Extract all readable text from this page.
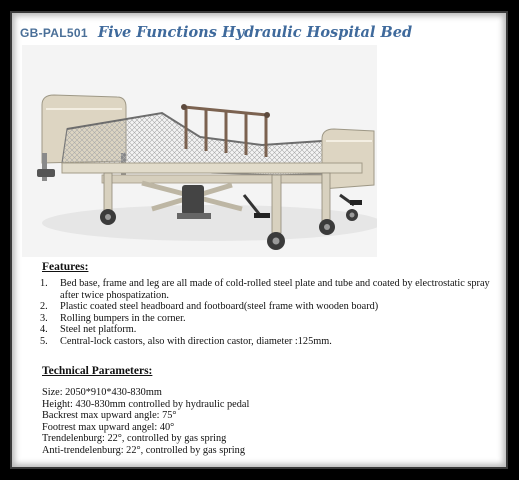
GB-PAL501 Five Functions Hydraulic Hospital Bed
Features:
1. Bed base, frame and leg are all made of cold-rolled steel plate and tube and coated by electrostatic spray after twice phospatization.
2. Plastic coated steel headboard and footboard(steel frame with wooden board)
3. Rolling bumpers in the corner.
4. Steel net platform.
5. Central-lock castors, also with direction castor, diameter :125mm.
Technical Parameters:
Size: 2050*910*430-830mm
Height: 430-830mm controlled by hydraulic pedal
Backrest max upward angle: 75°
Footrest max upward angel: 40°
Trendelenburg: 22°, controlled by gas spring
Anti-trendelenburg: 22°, controlled by gas spring
